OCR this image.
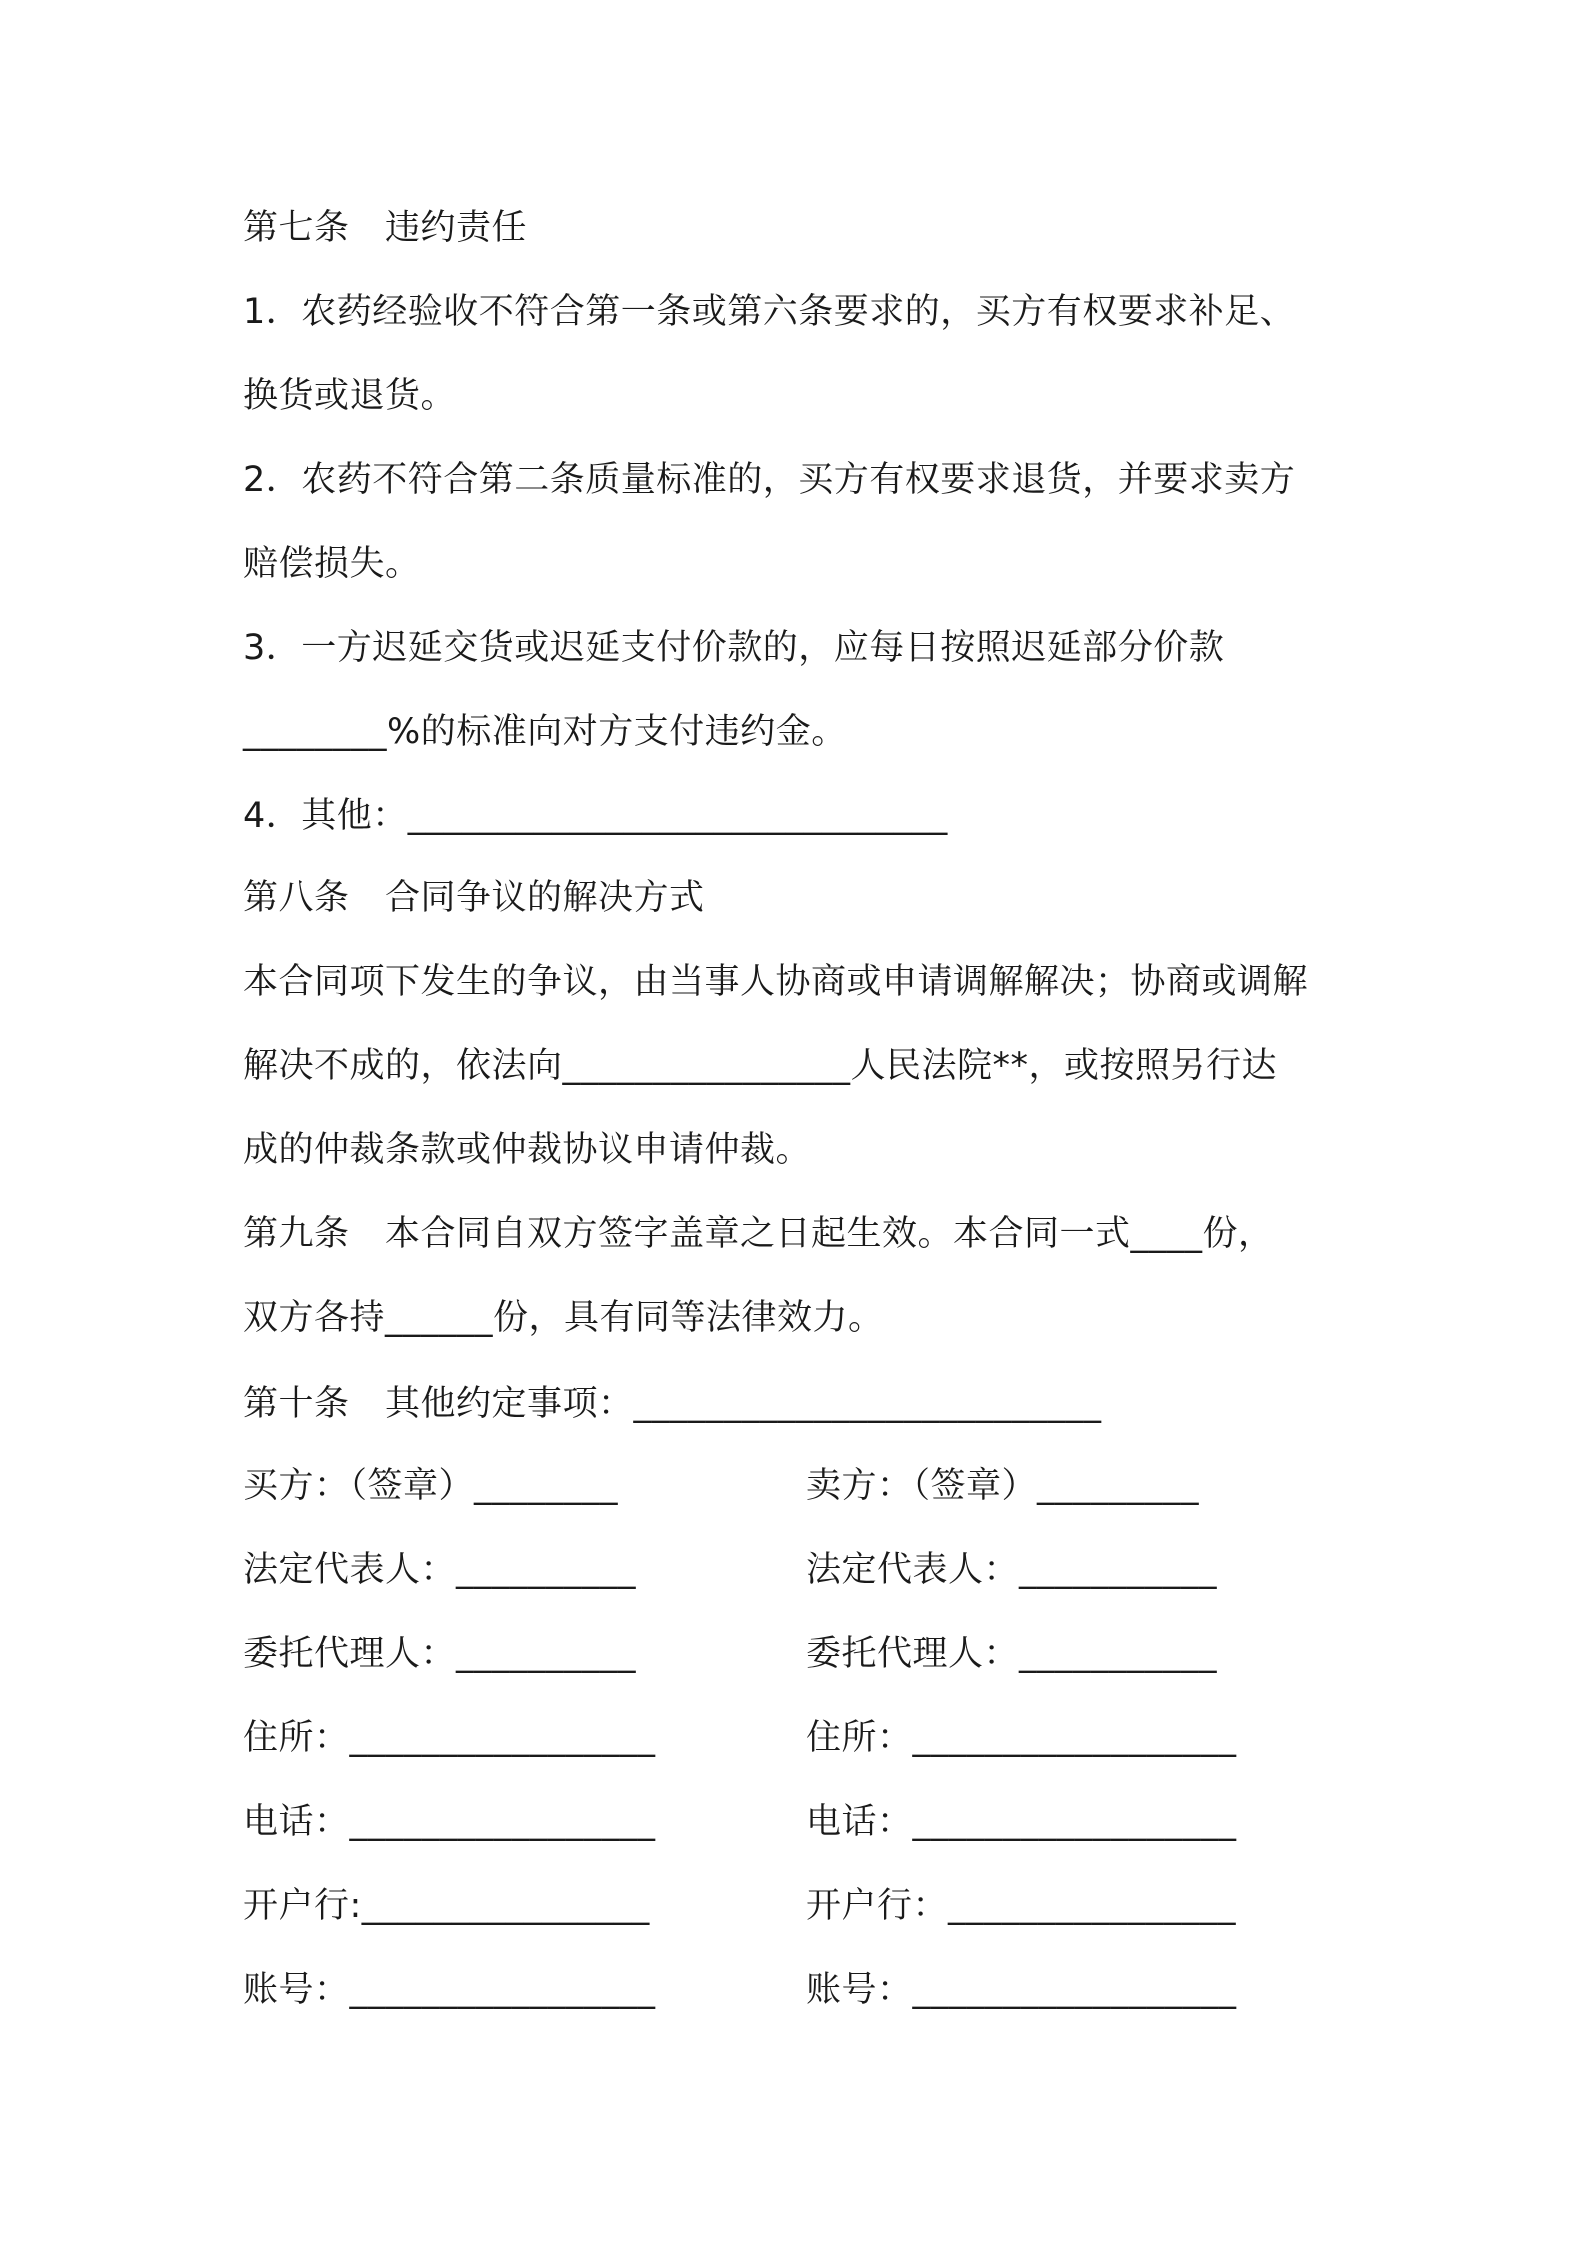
第七条　违约责任
1．农药经验收不符合第一条或第六条要求的，买方有权要求补足、
换货或退货。
2．农药不符合第二条质量标准的，买方有权要求退货，并要求卖方
赔偿损失。
3．一方迟延交货或迟延支付价款的，应每日按照迟延部分价款
________%的标准向对方支付违约金。
4．其他：______________________________
第八条　合同争议的解决方式
本合同项下发生的争议，由当事人协商或申请调解解决；协商或调解
解决不成的，依法向________________人民法院**，或按照另行达
成的仲裁条款或仲裁协议申请仲裁。
第九条　本合同自双方签字盖章之日起生效。本合同一式____份，
双方各持______份，具有同等法律效力。
第十条　其他约定事项：__________________________
买方：（签章）________
法定代表人：__________
委托代理人：__________
住所：_________________
电话：_________________
开户行:________________
账号：_________________
卖方：（签章）_________
法定代表人：___________
委托代理人：___________
住所：__________________
电话：__________________
开户行：________________
账号：__________________
